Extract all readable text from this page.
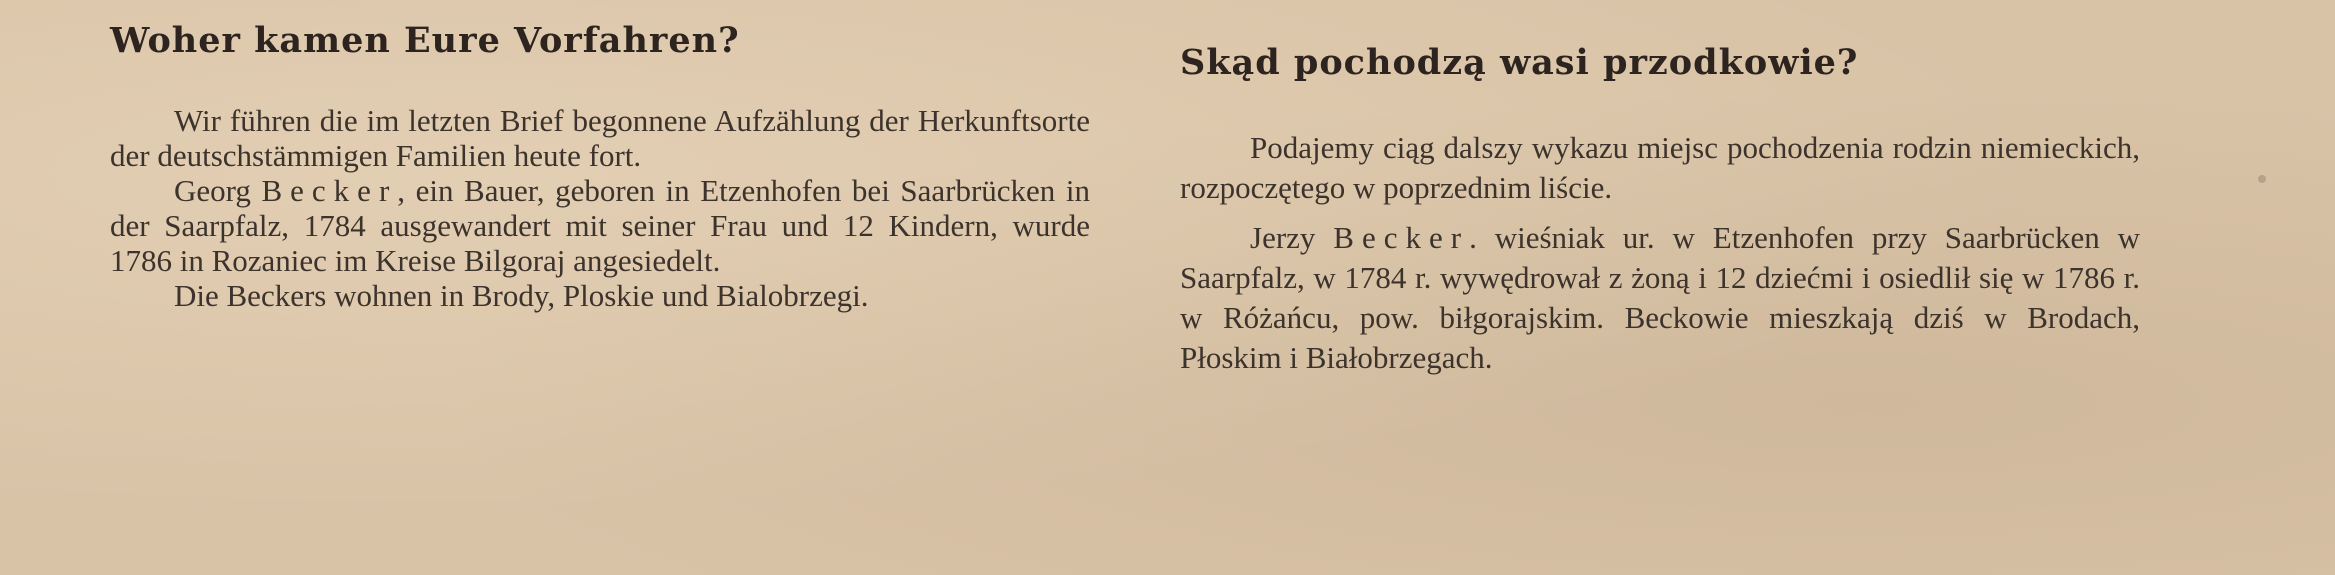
Woher kamen Eure Vorfahren?

Wir führen die im letzten Brief begonnene Aufzählung der Herkunftsorte der deutschstämmigen Familien heute fort.

Georg Becker, ein Bauer, geboren in Etzenhofen bei Saarbrücken in der Saarpfalz, 1784 ausgewandert mit seiner Frau und 12 Kindern, wurde 1786 in Rozaniec im Kreise Bilgoraj angesiedelt.

Die Beckers wohnen in Brody, Ploskie und Bialobrzegi.

Skąd pochodzą wasi przodkowie?

Podajemy ciąg dalszy wykazu miejsc pochodzenia rodzin niemieckich, rozpoczętego w poprzednim liście.

Jerzy Becker. wieśniak ur. w Etzenhofen przy Saarbrücken w Saarpfalz, w 1784 r. wywędrował z żoną i 12 dziećmi i osiedlił się w 1786 r. w Różańcu, pow. biłgorajskim. Beckowie mieszkają dziś w Brodach, Płoskim i Białobrzegach.
